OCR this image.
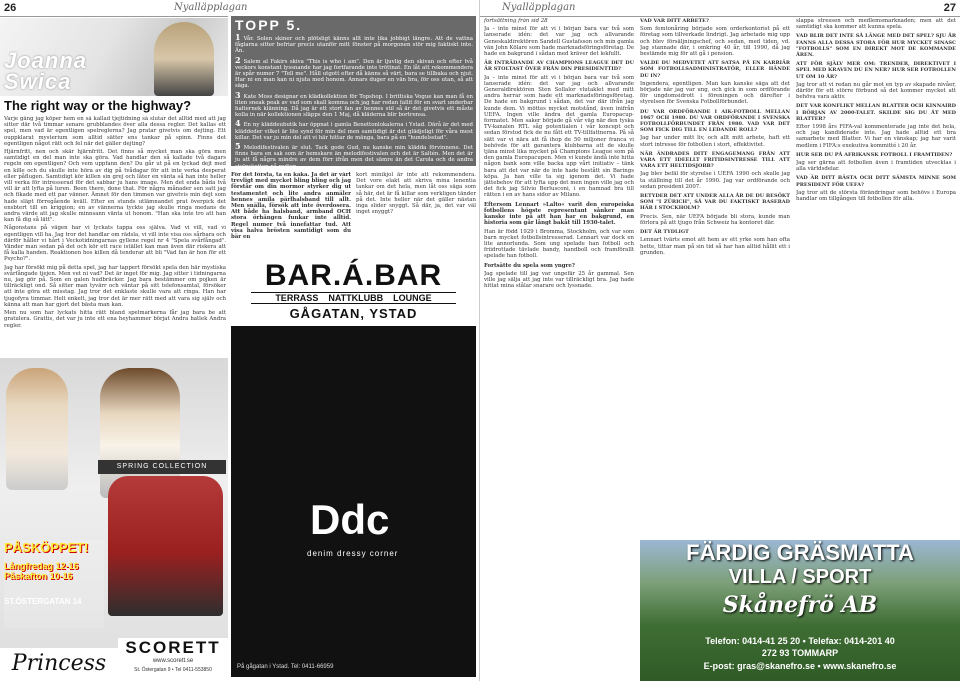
26	Nyalläpplagan
Joanna Swica
The right way or the highway?

Varje gång jag köper hem en så kallad tjejtidning så slutar det alltid med att jag sitter där två timmar senare grubblandes över alla dessa regler. Det kallas ett spel, men vad är egentligen spelreglerna? Jag pratar givetvis om dejting. Ett ouppklarat mysterium som alltid sätter ens tankar på spinn. Finns det egentligen något rätt och fel när det gäller dejting?

Hjärnfritt, nen och skär hjärnfritt. Det finns så mycket man ska göra men samtidigt en del man inte ska göra. Vad handlar den så kallade två dagars regeln om egentligen? Och vem uppfann den? Du går ut på en lyckad dejt med en kille och du skulle inte höra av dig på tvådagar för att inte verka desperat eller påflugen. Samtidigt kör killen sin grej och låter en vänta så han inte heller vill verka för intresserad för det sabbar ju hans image. Men det enda båda två vill är att lyfta på luren. Been there, done that. För några månader sen satt jag och fikade med ett par vänner. Ämnet för den timmen var givetvis min dejt som hade släpt förregående kväll. Efter en stunds utlämnandet prat överpick det ensbtert till en kriggion; en av vännerna tyckte jag skulle ringa medans de andra värde att jag skulle minnsann vänta ut honom. "Han ska inte tro att han kan få dig så lätt".

Någonstans på vägen har vi lyckats tappa oss själva. Vad vi vill, vad vi egentligen vill ha. Jag tror det handlar om rädsla, vi vill inte visa oss sårbara och därför håller vi hårt i Veckotidningarnas gyllene regel nr 4 "Spela svårfångad". Vänder man sedan på det och kör ett race istället kan man även där riskera att få kalla handen. Reaktionen hos killen då tenderar att bli "Vad fan är hon för ett Psycho?".

Jag har försökt mig på detta spel, jag har tappert försökt spela den här mystiska svårfångade tjejen. Men vet ni vad? Det är inget för mig. Jag sitter i tidningarna nu, jag gör på. Som en galen hudbräcker. Jag bara bestämmer om pojken är tillräckligt ond. Så sitter man tyvärr och väntar på sitt telefonsamtal, försöker att inte göra ett misstag. Jag tror det enklaste skulle vara att ringa. Han har tjugofyra timmar. Helt enkelt, jag tror det är mer rätt med att vara sig själv och känna att man har gjort det bästa man kan.

Men nu som har lyckats hitta rätt bland spelmarkerna får jag bara be att gratulera. Grattis, det var ju inte ett ena heyhammer börjat Andra hatlek Andra regler.

SPRING COLLECTION
PÅSKÖPPET!
Långfredag 12-16
Påskafton 10-16
ST.ÖSTERGATAN 14
Princess
SCORETT
www.scorett.se
St. Östergatan 9 • Tel 0411-553850
TOPP 5.

1 Vår. Solen skiner och plötsligt känns allt inte lika jobbigt längre. Att de vattna fåglarna sitter befriar precis utanför mitt fönster på morgonen stör mig faktiskt inte. Än.

2 Salem al Fakirs skiva "This is who i am". Den är ljuvlig den skivan och efter två veckors konstant lyssnande har jag fortfarande inte tröttnat. En låt att rekommendera är spår numer 7 "Tell me". Håll utgott efter då känns så värt, bara se tillbaka och njut. Har ni en man kan ni njuta med honom. Annars duger en vän bra, för oss utan, så att säga.

3 Kate Moss designar en klädkollektion för Topshop. I brittiska Vogue kan man få en liten sneak peak av vad som skall komma och jag har redan fallit för en svart underbar halternek klänning. Då jag är ett stort fan av hennes stil så är det givetvis ett måste kolla in när kollektionen släpps den 1 Maj, då kläderna blir bortrensa.

4 En ny kläddeubutik har öppnat i gamla Benettonlokalerna i Ystad. Därå är det med kläddeder vilket är lite synd för min del men samtidigt är det glädjeligt för våra mest killar. Det var ju min del att vi här hittar de mänga, bara på en "hundelsstad".

5 Melodifestivalen är slut. Tack gode Gud, nu kanske min klädda förvinnene. Det finns bara en sak som är hemskare än melodifestivalen och det är Saltén. Men det är ju att få några mindre av dem förr ifrån men det sämre än det Carola och de andra stolpskotten på radion.

För det första, ta en kaka. Ja det är vårt trevligt med mycket bling bling och jag förstår om din mormor styrker dig ut testamentet och lite andra anmäler hennes amila pärlhalsband till allt. Men snälla, försök att inte överdosera. Att både ha halsband, armband OCH stora örhängen funkar inte alltid. Regel numer två innefattar tud. Att visa halva brösten samtidigt som du bär en

kort minikjol är inte att rekommendera. Det vore elakt att skriva mina lenentia tankar om det hela, men låt oss säga som så här, det är få killar som verkligen tänder på det. Inte heller när det gäller nästan inga slider snyggt. Så där, ja, det var väl inget snyggt?

BAR.Á.BAR
TERRASS NATTKLUBB LOUNGE
GÅGATAN, YSTAD
Ddc
denim dressy corner
På gågatan i Ystad. Tel: 0411-66959
Nyalläpplagan	27

fortsättning från sid 28

Ja – inte minst för att vi i början bara var två som lanserade idén: det var jag och allvarande Geneskaldirektören Sandell Gustafsson och min gamla vän John Kölare som hade marknadsföringsföretag. De hade en bakgrund i sådan med kräver det lekfullt.

ÄR INTRÄDANDE AV CHAMPIONS LEAGUE DET DU ÄR STOLTAST ÖVER FRÅN DIN PRESIDENTTID?

Ja – inte minst för att vi i början bara var två som lanserade idén: det var jag och allvarande Generaldirektören Sten Sollalor vlutaklet med mitt andra herrar som hade ett marknadsföringsföretag. De hade en bakgrund i sådan, det var där ifrån jag kunde dem. Vi möttes mycket motstånd, även inifrån UEFA. Ingen ville ändra det gamla Europacup-formatet. Men saker började gå vår väg när den tyska TV-kanalen RTL såg potentialen i vår koncept och sedan förstod fick de nu fått ett TV-tillfattnerna. På så sätt var vi nära att få ihop de 50 miljoner franca vi behövde för att garantera klubbarna att de skulle tjäna minst lika mycket på Champions League som på den gamla Europacupen. Men vi kunde ändå inte hitta någon bank som ville backa upp vårt initiativ – tänk bara att det var när de inte hade bestått sin Barings köpa. Ja han ville ta sig igenom det. Vi hade jättebehov för att lyfta upp det men ingen ville jag och det fick jag Silvio Berlusconi, i en hamnad bra till rätten i en av hans sidor av Milano.

Eftersom Lennart »Lalto« varit den europeiska fotbollens högste representant sånker man kanske inte på att han har en bakgrund, en historia som går långt bakåt till 1930-talet.

Han är född 1929 i Bromma, Stockholm, och var som barn mycket fotbollsintresserad. Lennart var dock en lite annorlunda. Som ung spelade han fotboll och friidrottade tävlade bandy, handboll och framförallt spelade han fotboll.

Fortsätte du spela som yngre?

Jag spelade till jag var ungefär 25 år gammal. Sen ville jag sälja att jag inte var tillräckligt bra. Jag hade hittat mina stålar snarare och lyssnade.

VAD VAR DITT ARBETE?

Som femtonåring började som orderkontorist på ett företag som tillverkade lindrigt. Jag arbetade mig upp och blev försäljningschef, och sedan, med tiden, vd. Jag stannade där, i omkring 40 år, till 1990, då jag bestämde mig för att gå i pension.

VALDE DU MEDVETET ATT SATSA PÅ EN KARRIÄR SOM FOTBOLLSADMINISTRATÖR, ELLER HÄNDE DU IN?

Ingendera, egentligen. Man kan kanske säga att det började när jag var ung, och gick in som ordförande för ungdomsidrott i föreningen och därefter i styrelsen för Svenska Fotbollförbundet.

DU VAR ORDFÖRANDE I AIK-FOTBOLL MELLAN 1967 OCH 1980. DU VAR ORDFÖRANDE I SVENSKA FOTBOLLFÖRBUNDET FRÅN 1980. VAD VAR DET SOM FICK DIG TILL EN LEDANDE ROLL?

Jag har under mitt liv, och allt mitt arbete, haft ett stort intresse för fotbollen i stort, effektivitet.

NÄR ÄNDRADES DITT ENGAGEMANG FRÅN ATT VARA ETT IDEELLT FRITIDSINTRESSE TILL ATT VARA ETT HELTIDSJOBB?

Jag blev befäl för styrelse i UEFA 1990 och skulle jag ta ställning till det år 1990. Jag var ordförande och sedan president 2007.

BETYDER DET ATT UNDER ALLA ÅR DE DU BESÖKT SOM "I ZÜRICH", SÅ VAR DU FAKTISKT BASERAD HÄR I STOCKHOLM?

Precis. Sen, när UEFA började bli stora, kunde man förlora på att tjugo från Schweiz ha kontoret där.

DET ÄR TYDLIGT

Lennart tvärts emot att hem av ett yrke som han ofta hette, tittar man på sin tid så har han alltid hållit ett i grunden.

slappa stressen och medlemsmarknaden; men att det samtidigt ska kommer att kunna spela.

VAD BLIR DET INTE SÅ LÄNGE MED DET SPEL? SJU ÅR FANNS ALLA DESSA STORA FÖR HUR MYCKET SINASC "FOTBOLLS" SOM EN DIREKT MOT DE KOMMANDE ÅREN.

ATT FÖR SJÄLV MER OM: TRENDER, DIREKTIVET I SPEL MED KRAVEN DU EN NER? HUR SER FOTBOLLEN UT OM 10 ÅR?

Jag tror att vi redan nu går mot en typ av skapade nivåer, därför för ett större förbund så det kommer mycket att behöva vara aktiv.

DET VAR KONFLIKT MELLAN BLATTER OCH KINNAIRD I BÖRJAN AV 2000-TALET. SKILDE SIG DU ÅT MED BLATTER?

Efter 1998 års FIFA-val kommenterade jag inte det hela, och jag kandiderade inte. Jag hade alltid ett bra samarbete med Blatter. Vi har en vänskap; jag har varit medlem i FIFA:s exekutiva kommitté i 20 år.

HUR SER DU PÅ AFRIKANSK FOTBOLL I FRAMTIDEN?

Jag ser gärna att fotbollen även i framtiden utvecklas i alla världsdelar.

VAD ÄR DITT BÄSTA OCH DITT SÄMSTA MINNE SOM PRESIDENT FÖR UEFA?

Jag tror att de största förändringar som behövs i Europa handlar om tillgången till fotbollen för alla.

FÄRDIG GRÄSMATTA
VILLA / SPORT
Skånefrö AB
Telefon: 0414-41 25 20 • Telefax: 0414-201 40
272 93 TOMMARP
E-post: gras@skanefro.se • www.skanefro.se
